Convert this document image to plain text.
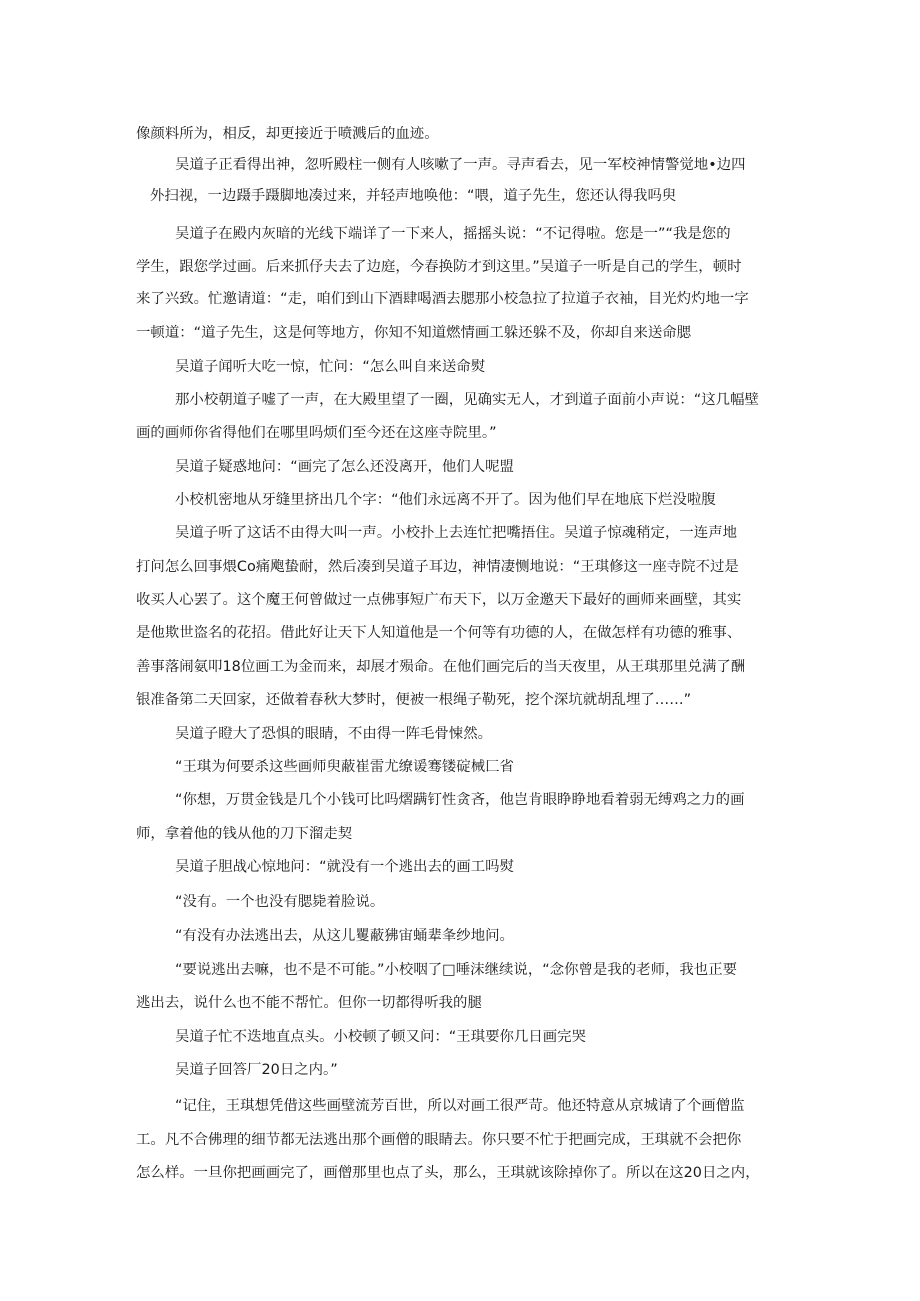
像颜料所为，相反，却更接近于喷溅后的血迹。
吴道子正看得出神，忽听殿柱一侧有人咳嗽了一声。寻声看去，见一军校神情警觉地•边四
外扫视，一边蹑手蹑脚地凑过来，并轻声地唤他：“喂，道子先生，您还认得我吗臾
吴道子在殿内灰暗的光线下端详了一下来人，摇摇头说：“不记得啦。您是一”“我是您的
学生，跟您学过画。后来抓伃夫去了边庭，今春换防才到这里。”吴道子一听是自己的学生，顿时
来了兴致。忙邀请道：“走，咱们到山下酒肆喝酒去腮那小校急拉了拉道子衣袖，目光灼灼地一字
一顿道：“道子先生，这是何等地方，你知不知道燃情画工躲还躲不及，你却自来送命腮
吴道子闻听大吃一惊，忙问：“怎么叫自来送命熨
那小校朝道子嘘了一声，在大殿里望了一圈，见确实无人，才到道子面前小声说：“这几幅壁
画的画师你省得他们在哪里吗烦们至今还在这座寺院里。”
吴道子疑惑地问：“画完了怎么还没离开，他们人呢盟
小校机密地从牙缝里挤出几个字：“他们永远离不开了。因为他们早在地底下烂没啦腹
吴道子听了这话不由得大叫一声。小校扑上去连忙把嘴捂住。吴道子惊魂稍定，一连声地
打问怎么回事煨Co痛飑蛰耐，然后凑到吴道子耳边，神情凄恻地说：“王琪修这一座寺院不过是
收买人心罢了。这个魔王何曾做过一点佛事短广布天下，以万金邀天下最好的画师来画壁，其实
是他欺世盗名的花招。借此好让天下人知道他是一个何等有功德的人，在做怎样有功德的雅事、
善事落闹氨叩18位画工为金而来，却展才殒命。在他们画完后的当天夜里，从王琪那里兑满了酬
银准备第二天回家，还做着春秋大梦时，便被一根绳子勒死，挖个深坑就胡乱埋了……”
吴道子瞪大了恐惧的眼睛，不由得一阵毛骨悚然。
“王琪为何要杀这些画师臾蔽崔雷尤缭谖骞镂碇械匚省
“你想，万贯金钱是几个小钱可比吗熠蹒钉性贪吝，他岂肯眼睁睁地看着弱无缚鸡之力的画
师，拿着他的钱从他的刀下溜走契
吴道子胆战心惊地问：“就没有一个逃出去的画工吗熨
“没有。一个也没有腮毙着脸说。
“有没有办法逃出去，从这儿矍蔽狒宙蛹辈夆纱地问。
“要说逃出去嘛，也不是不可能。”小校咽了□唾沫继续说，“念你曾是我的老师，我也正要
逃出去，说什么也不能不帮忙。但你一切都得听我的腿
吴道子忙不迭地直点头。小校顿了顿又问：“王琪要你几日画完哭
吴道子回答厂20日之内。”
“记住，王琪想凭借这些画壁流芳百世，所以对画工很严苛。他还特意从京城请了个画僧监
工。凡不合佛理的细节都无法逃出那个画僧的眼睛去。你只要不忙于把画完成，王琪就不会把你
怎么样。一旦你把画画完了，画僧那里也点了头，那么，王琪就该除掉你了。所以在这20日之内，
